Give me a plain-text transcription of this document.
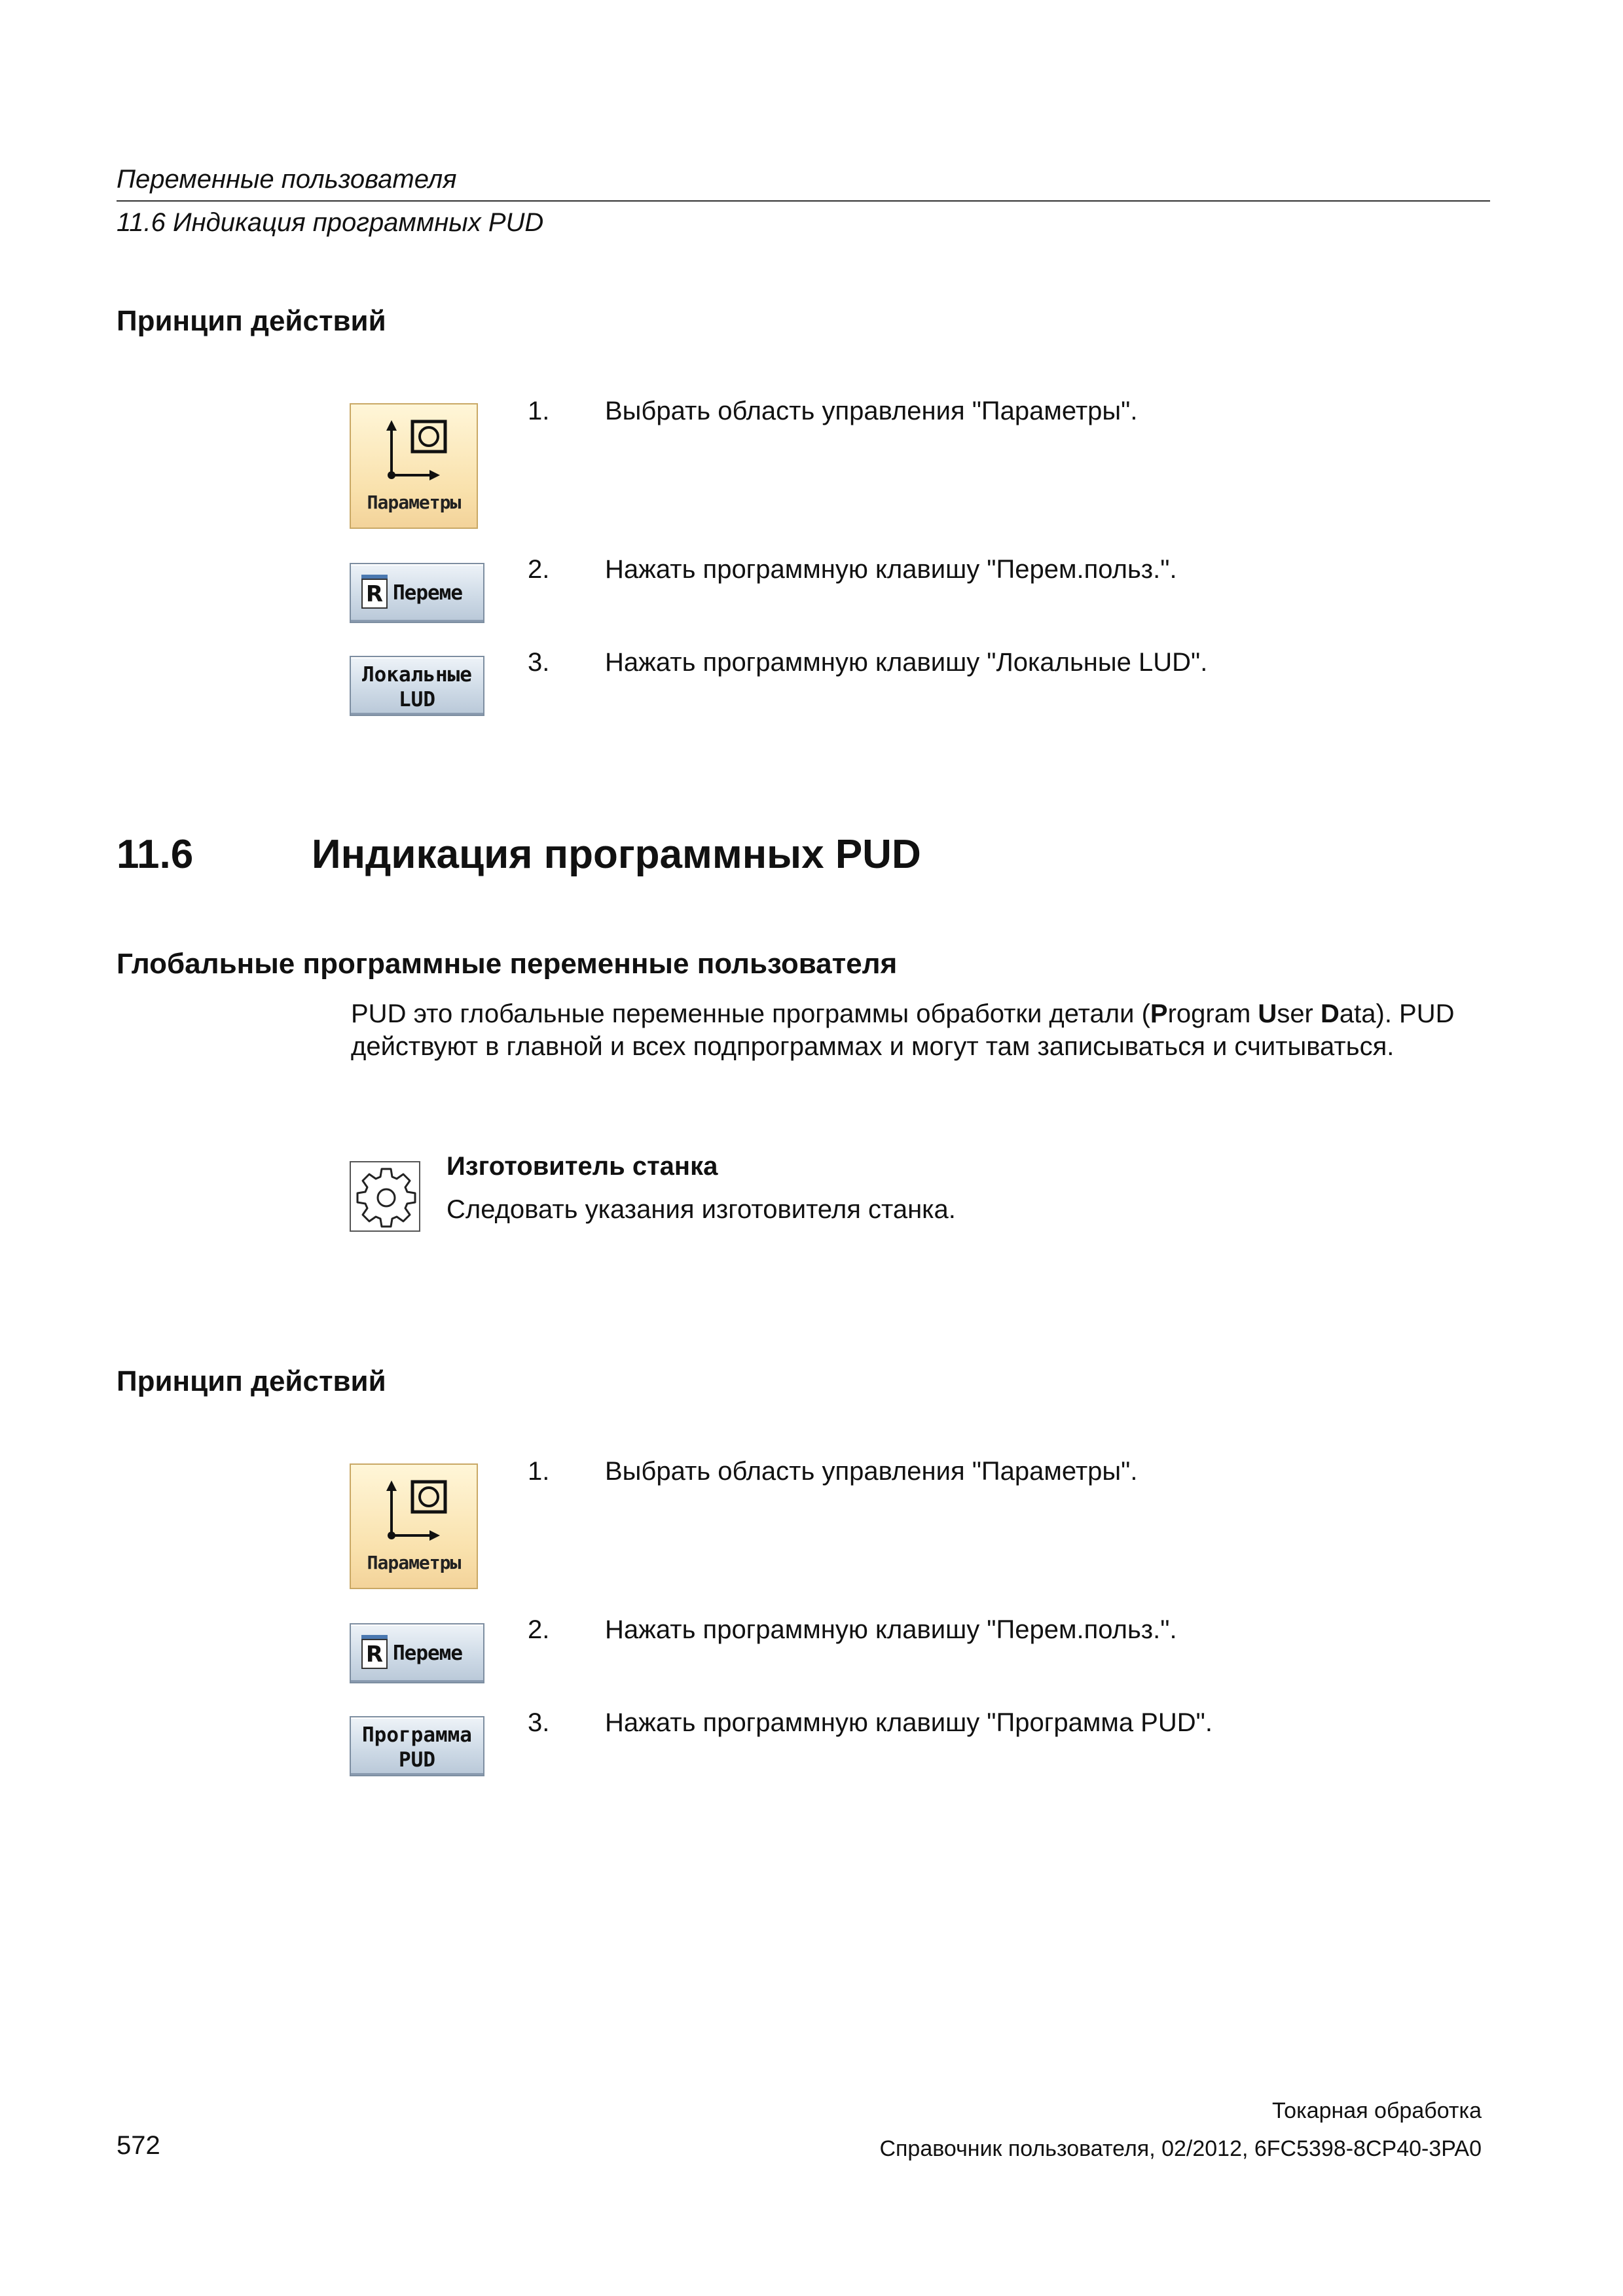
Переменные пользователя
11.6 Индикация программных PUD
Принцип действий
Параметры
1. Выбрать область управления "Параметры".
R Переме
2. Нажать программную клавишу "Перем.польз.".
Локальные
LUD
3. Нажать программную клавишу "Локальные LUD".
11.6	Индикация программных PUD
Глобальные программные переменные пользователя
PUD это глобальные переменные программы обработки детали (Program User Data). PUD действуют в главной и всех подпрограммах и могут там записываться и считываться.
Изготовитель станка
Следовать указания изготовителя станка.
Принцип действий
Параметры
1. Выбрать область управления "Параметры".
R Переме
2. Нажать программную клавишу "Перем.польз.".
Программа
PUD
3. Нажать программную клавишу "Программа PUD".
572
Токарная обработка
Справочник пользователя, 02/2012, 6FC5398-8CP40-3PA0
